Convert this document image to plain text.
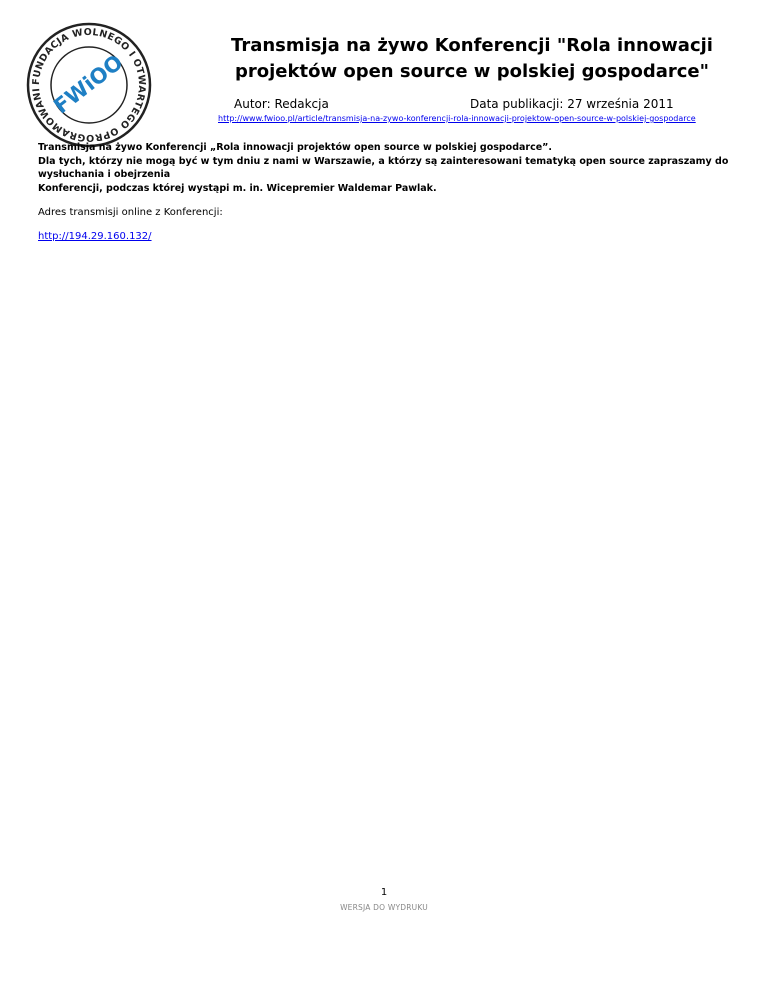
FUNDACJA WOLNEGO I OTWARTEGO OPROGRAMOWANI FWiOO
Transmisja na żywo Konferencji "Rola innowacji projektów open source w polskiej gospodarce"
Autor: Redakcja	Data publikacji: 27 września 2011
http://www.fwioo.pl/article/transmisja-na-zywo-konferencji-rola-innowacji-projektow-open-source-w-polskiej-gospodarce

Transmisja na żywo Konferencji „Rola innowacji projektów open source w polskiej gospodarce”.

Dla tych, którzy nie mogą być w tym dniu z nami w Warszawie, a którzy są zainteresowani tematyką open source zapraszamy do wysłuchania i obejrzenia

Konferencji, podczas której wystąpi m. in. Wicepremier Waldemar Pawlak.

Adres transmisji online z Konferencji:
http://194.29.160.132/
1
WERSJA DO WYDRUKU
